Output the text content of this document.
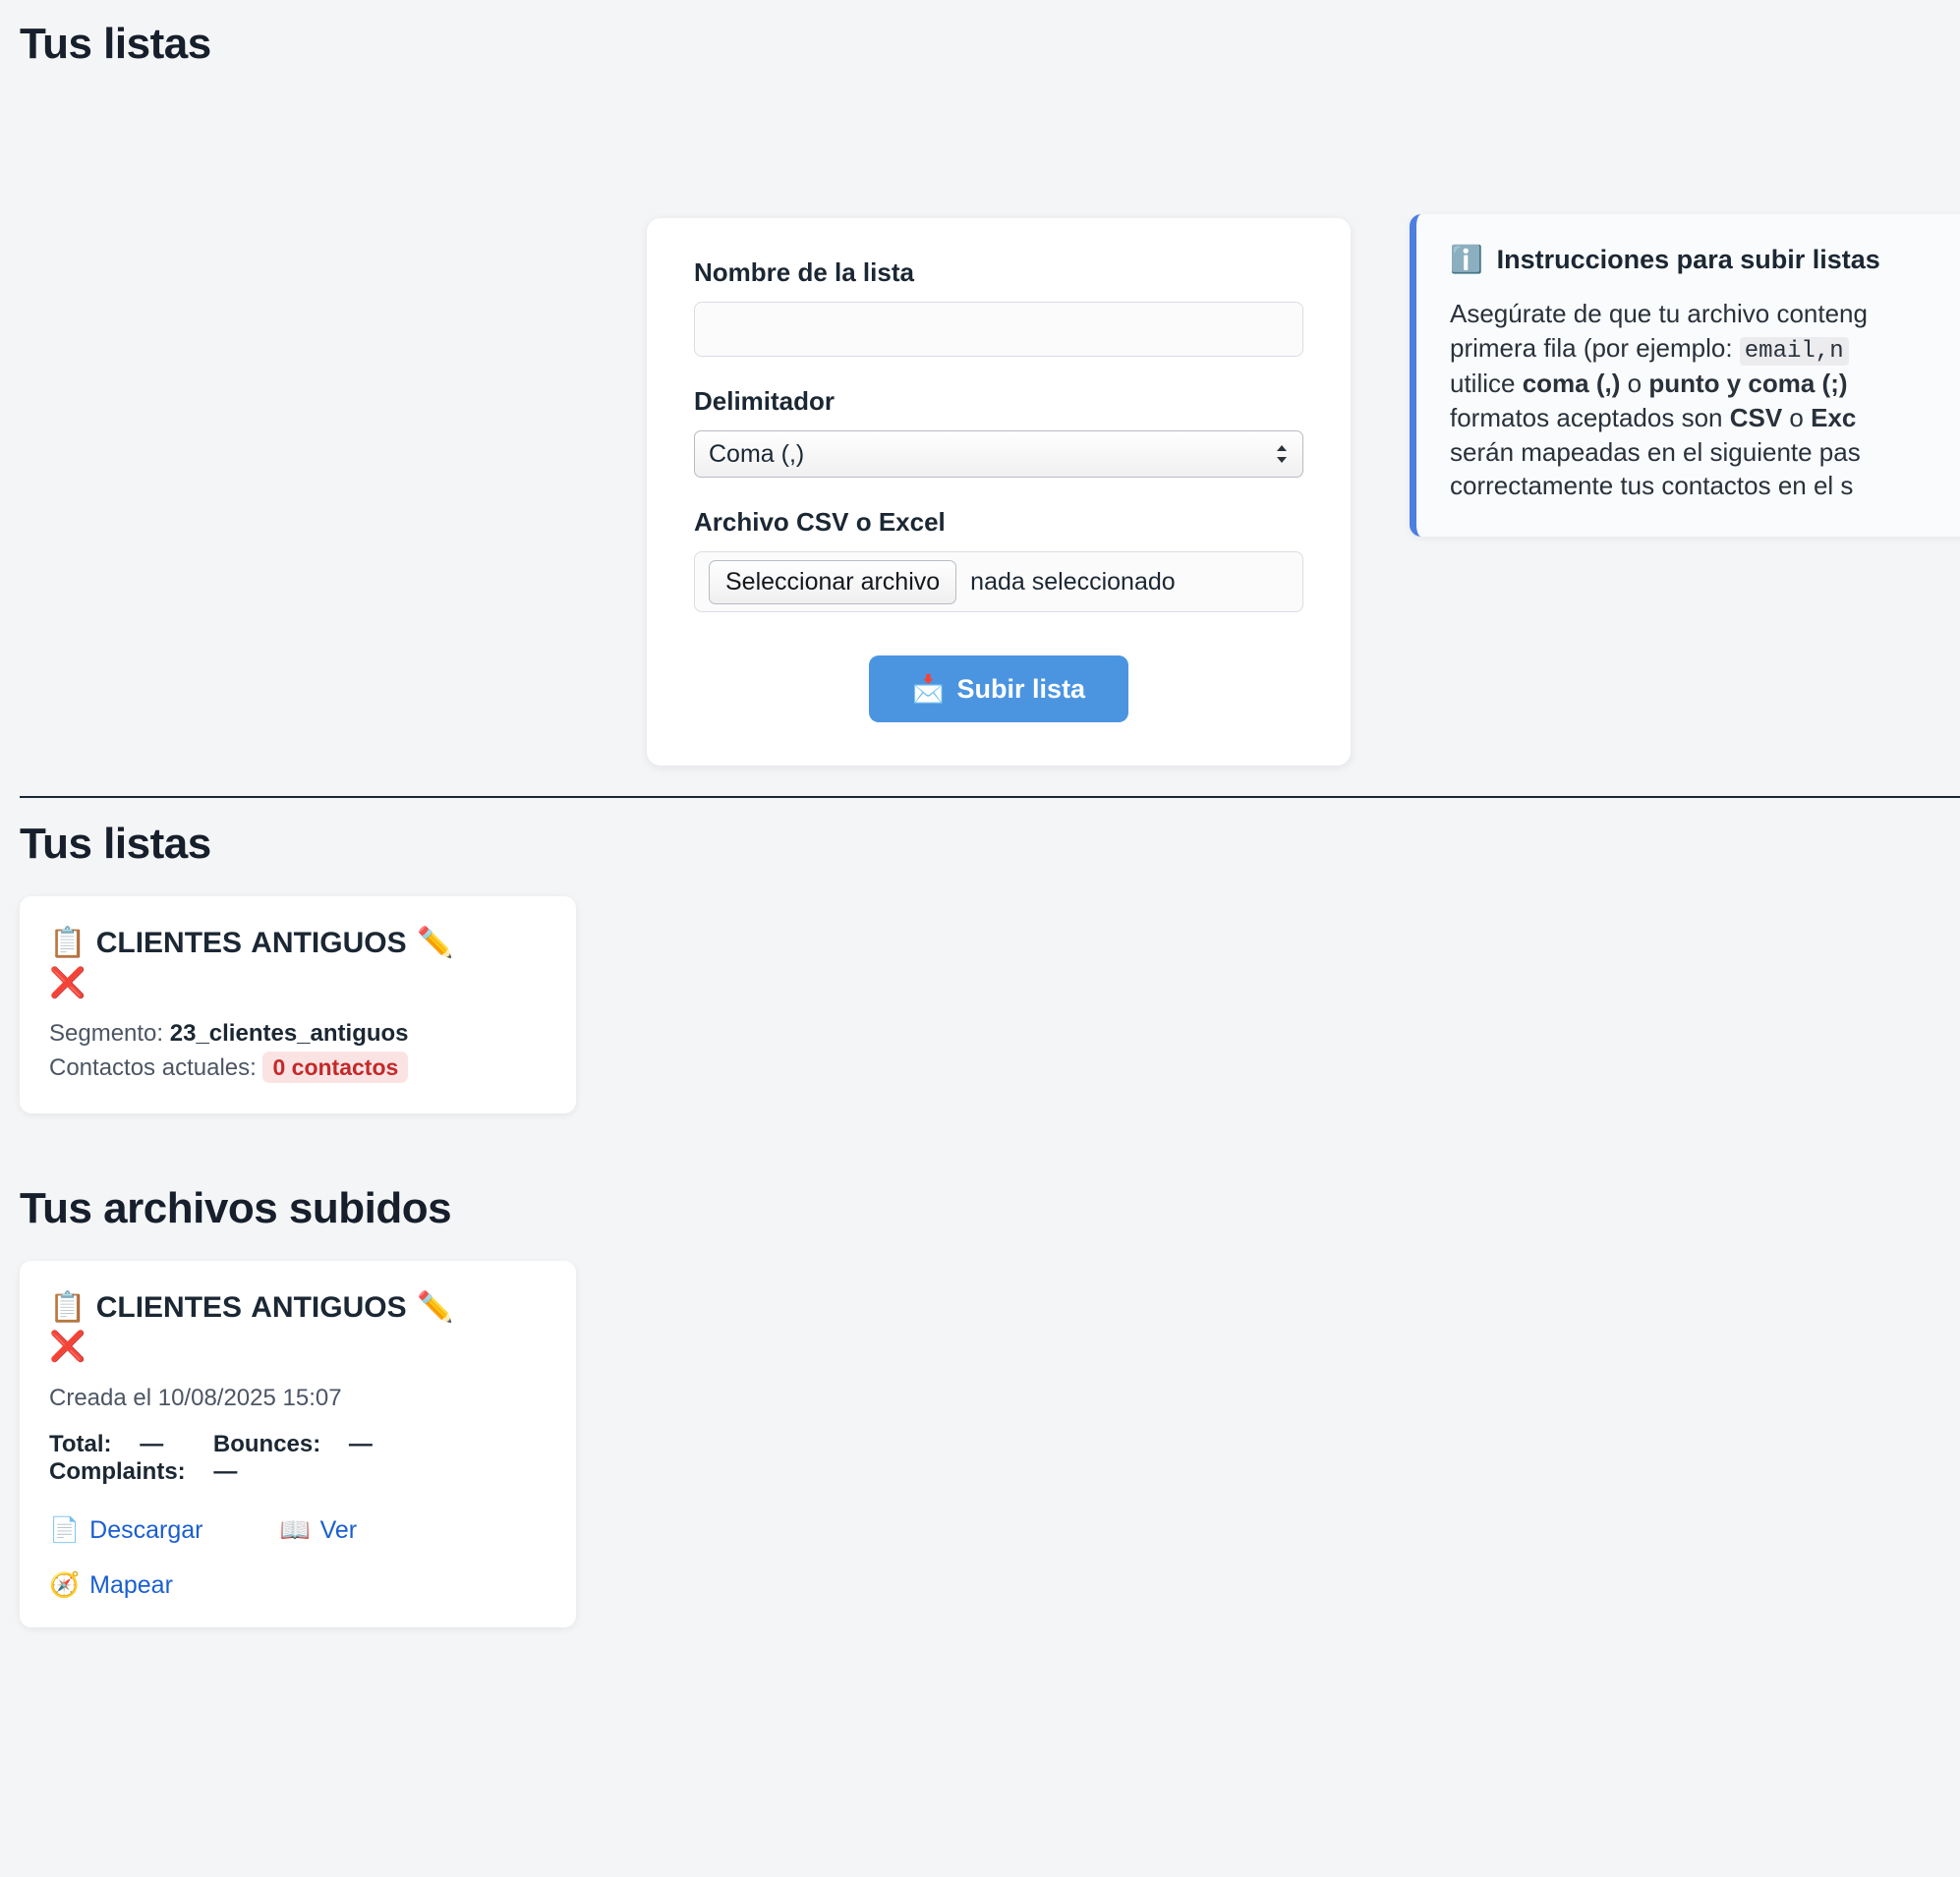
Tus listas
Nombre de la lista
Delimitador
Coma (,)
Archivo CSV o Excel
Seleccionar archivo	nada seleccionado
📩 Subir lista
ℹ️ Instrucciones para subir listas
Asegúrate de que tu archivo conteng
primera fila (por ejemplo: email,n
utilice coma (,) o punto y coma (;)
formatos aceptados son CSV o Exc
serán mapeadas en el siguiente pas
correctamente tus contactos en el s
Tus listas
📋 CLIENTES ANTIGUOS ✏️
❌
Segmento: 23_clientes_antiguos
Contactos actuales: 0 contactos
Tus archivos subidos
📋 CLIENTES ANTIGUOS ✏️
❌
Creada el 10/08/2025 15:07
Total: — Bounces: — Complaints: —
📄 Descargar	📖 Ver
🧭 Mapear
